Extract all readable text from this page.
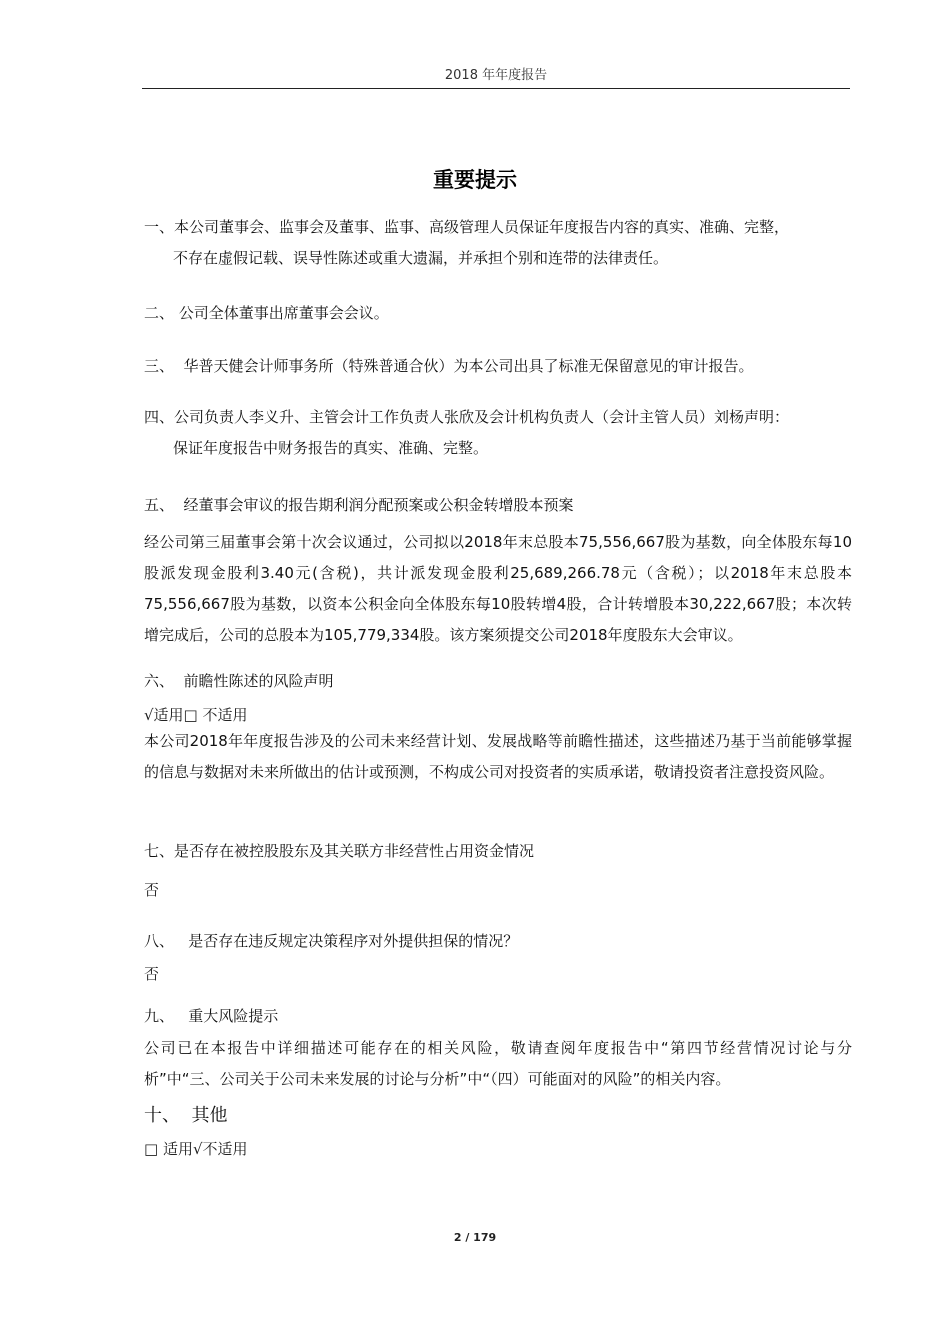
2018 年年度报告
重要提示
一、本公司董事会、监事会及董事、监事、高级管理人员保证年度报告内容的真实、准确、完整，
不存在虚假记载、误导性陈述或重大遗漏，并承担个别和连带的法律责任。
二、 公司全体董事出席董事会会议。
三、  华普天健会计师事务所（特殊普通合伙）为本公司出具了标准无保留意见的审计报告。
四、公司负责人李义升、主管会计工作负责人张欣及会计机构负责人（会计主管人员）刘杨声明：
保证年度报告中财务报告的真实、准确、完整。
五、  经董事会审议的报告期利润分配预案或公积金转增股本预案
经公司第三届董事会第十次会议通过，公司拟以2018年末总股本75,556,667股为基数，向全体股东每10股派发现金股利3.40元(含税)，共计派发现金股利25,689,266.78元（含税）；以2018年末总股本75,556,667股为基数，以资本公积金向全体股东每10股转增4股，合计转增股本30,222,667股；本次转增完成后，公司的总股本为105,779,334股。该方案须提交公司2018年度股东大会审议。
六、  前瞻性陈述的风险声明
√适用□ 不适用
本公司2018年年度报告涉及的公司未来经营计划、发展战略等前瞻性描述，这些描述乃基于当前能够掌握的信息与数据对未来所做出的估计或预测，不构成公司对投资者的实质承诺，敬请投资者注意投资风险。
七、是否存在被控股股东及其关联方非经营性占用资金情况
否
八、   是否存在违反规定决策程序对外提供担保的情况？
否
九、   重大风险提示
公司已在本报告中详细描述可能存在的相关风险，敬请查阅年度报告中“第四节经营情况讨论与分析”中“三、公司关于公司未来发展的讨论与分析”中“（四）可能面对的风险”的相关内容。
十、  其他
□ 适用√不适用
2 / 179
